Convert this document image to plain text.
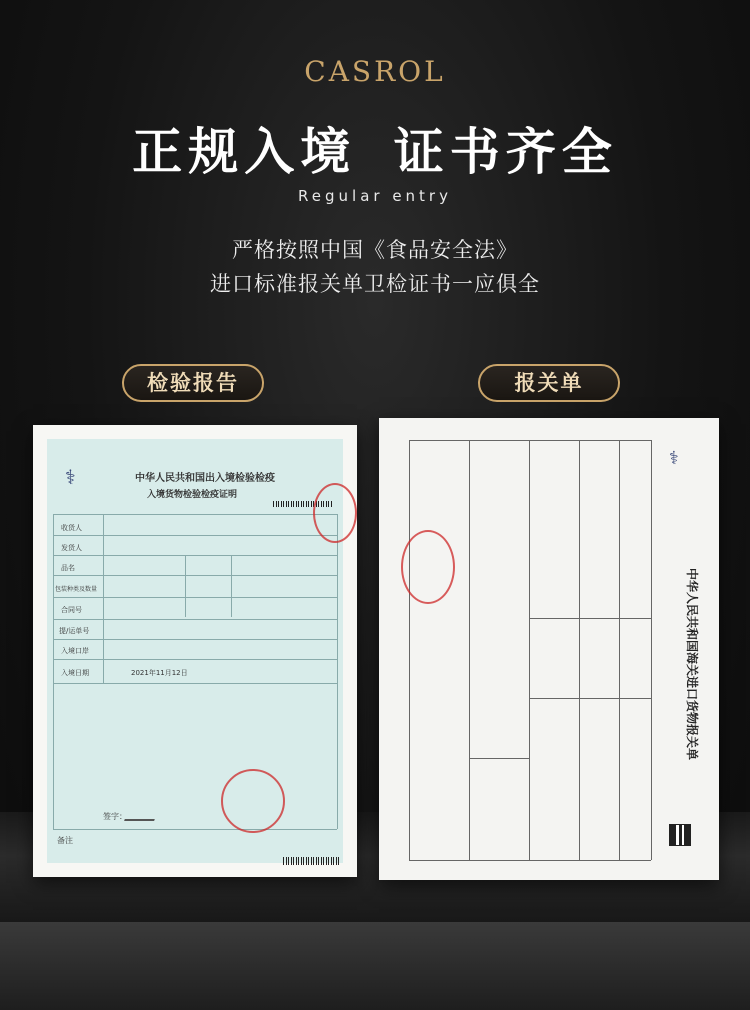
CASROL
正规入境 证书齐全
Regular entry
严格按照中国《食品安全法》
进口标准报关单卫检证书一应俱全
检验报告	报关单
⚕	中华人民共和国出入境检验检疫
入境货物检验检疫证明
收货人
发货人
品名
包装种类及数量
合同号
提/运单号
入境口岸
入境日期	2021年11月12日
签字：
备注
中华人民共和国海关进口货物报关单
⚕
